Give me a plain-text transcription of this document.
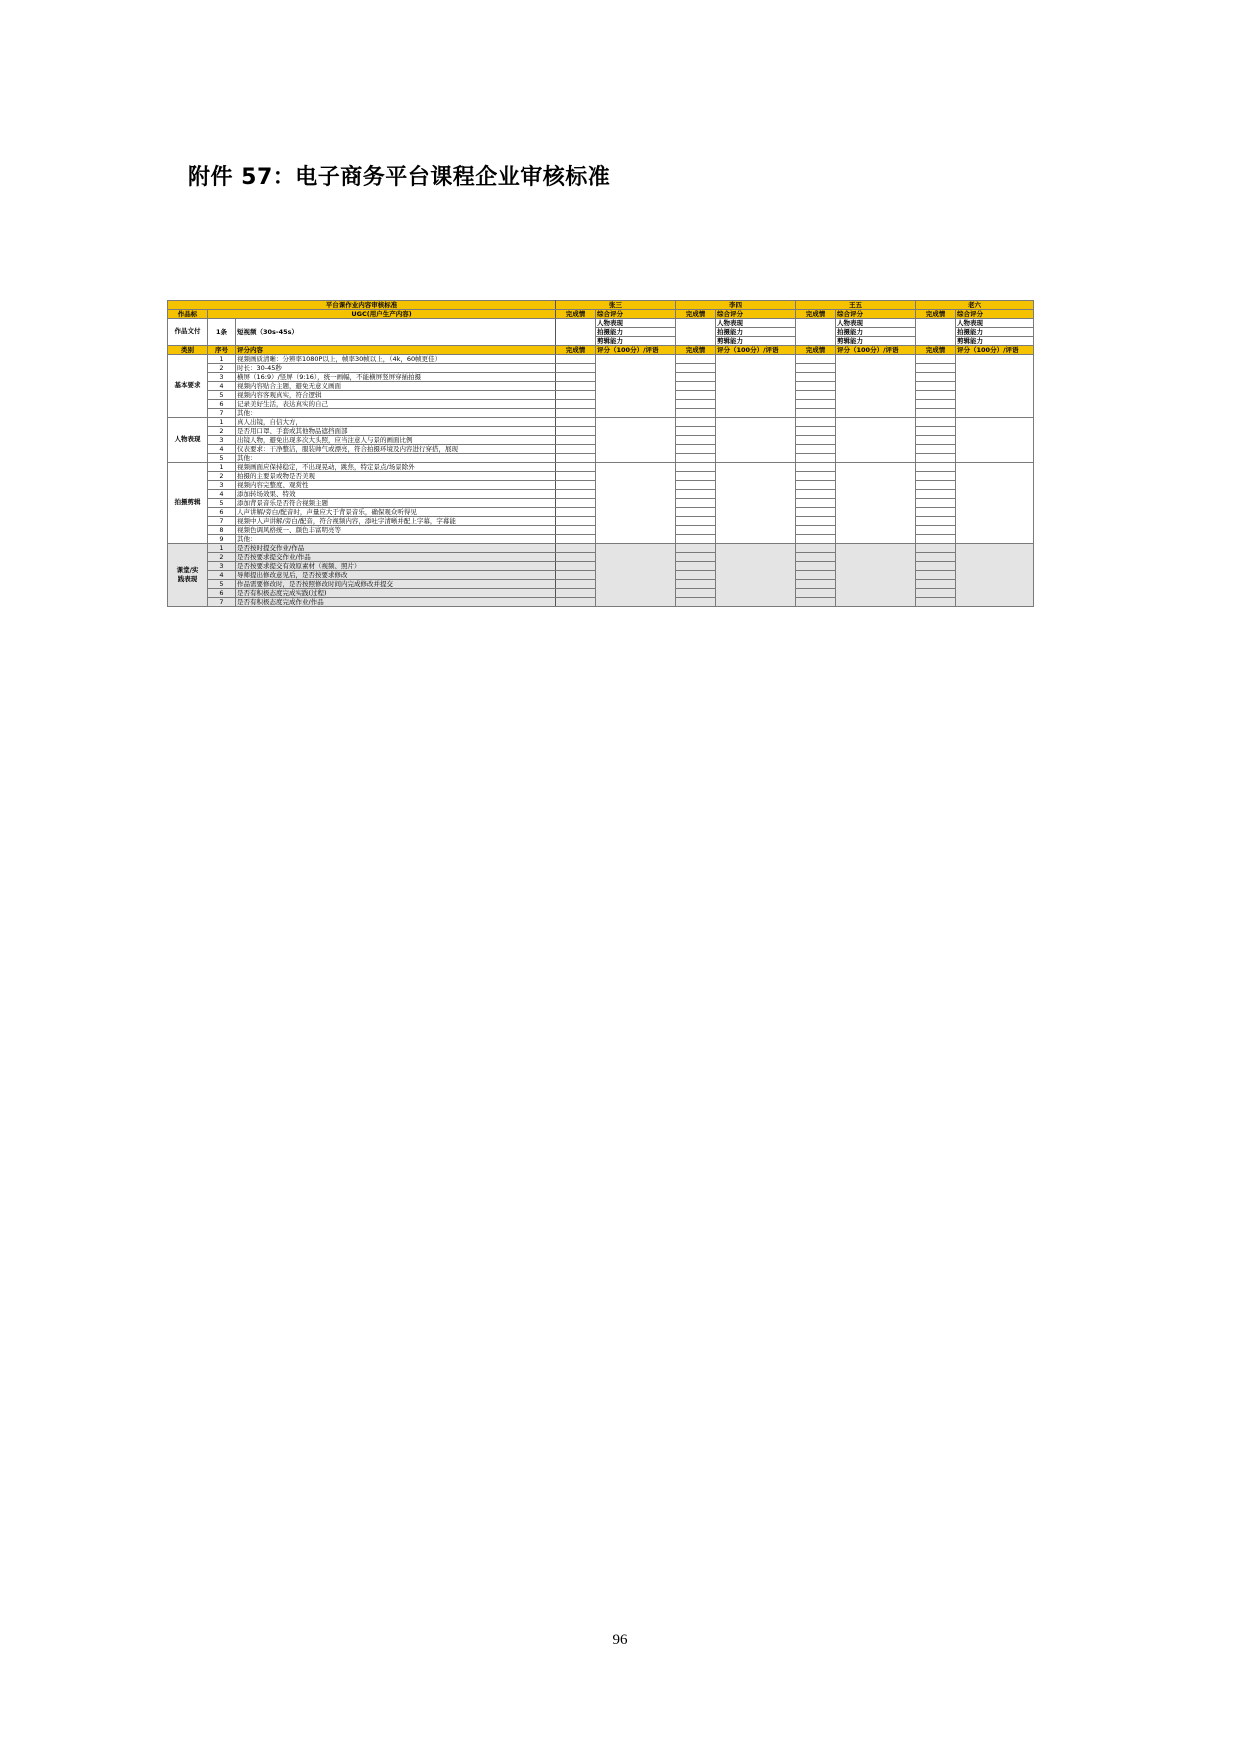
附件 57：电子商务平台课程企业审核标准
平台课作业内容审核标准			张三		李四		王五		老六	
作品标	UGC(用户生产内容)		完成情	综合评分	完成情	综合评分	完成情	综合评分	完成情	综合评分
作品文付	1条	短视频（30s-45s）		人物表现		人物表现		人物表现		人物表现
				拍摄能力		拍摄能力		拍摄能力		拍摄能力
				剪辑能力		剪辑能力		剪辑能力		剪辑能力
类别	序号	评分内容	完成情	评分（100分）/评语	完成情	评分（100分）/评语	完成情	评分（100分）/评语	完成情	评分（100分）/评语
基本要求	1	视频画质清晰：分辨率1080P以上，帧率30帧以上，（4k，60帧更佳）								
	2	时长：30-45秒								
	3	横屏（16:9）/竖屏（9:16），统一画幅，不能横屏竖屏穿插拍摄								
	4	视频内容贴合主题，避免无意义画面								
	5	视频内容客观真实，符合逻辑								
	6	记录美好生活，表达真实的自己								
	7	其他：								
人物表现	1	真人出镜，自信大方，								
	2	是否用口罩、手套或其他物品遮挡面部								
	3	出镜人物，避免出现多次大头照，应当注意人与景的画面比例								
	4	仪表要求：干净整洁，服装帅气或漂亮，符合拍摄环境及内容进行穿搭，展现								
	5	其他：								
拍摄剪辑	1	视频画面应保持稳定，不出现晃动，跳焦，特定景点/场景除外								
	2	拍摄的主要景或物是否美观								
	3	视频内容完整度、观赏性								
	4	添加转场效果、特效								
	5	添加背景音乐是否符合视频主题								
	6	人声讲解/旁白/配音时，声量应大于背景音乐，确保观众听得见								
	7	视频中人声讲解/旁白/配音，符合视频内容，添吐字清晰并配上字幕，字幕能								
	8	视频色调风格统一、颜色丰富明亮等								
	9	其他：								
课堂/实践表现	1	是否按时提交作业/作品								
	2	是否按要求提交作业/作品								
	3	是否按要求提交有效原素材（视频、照片）								
	4	导师提出修改意见后，是否按要求修改								
	5	作品需要修改时，是否按照修改时间内完成修改并提交								
	6	是否有积极态度完成实践(过程)								
	7	是否有积极态度完成作业/作品								
96
